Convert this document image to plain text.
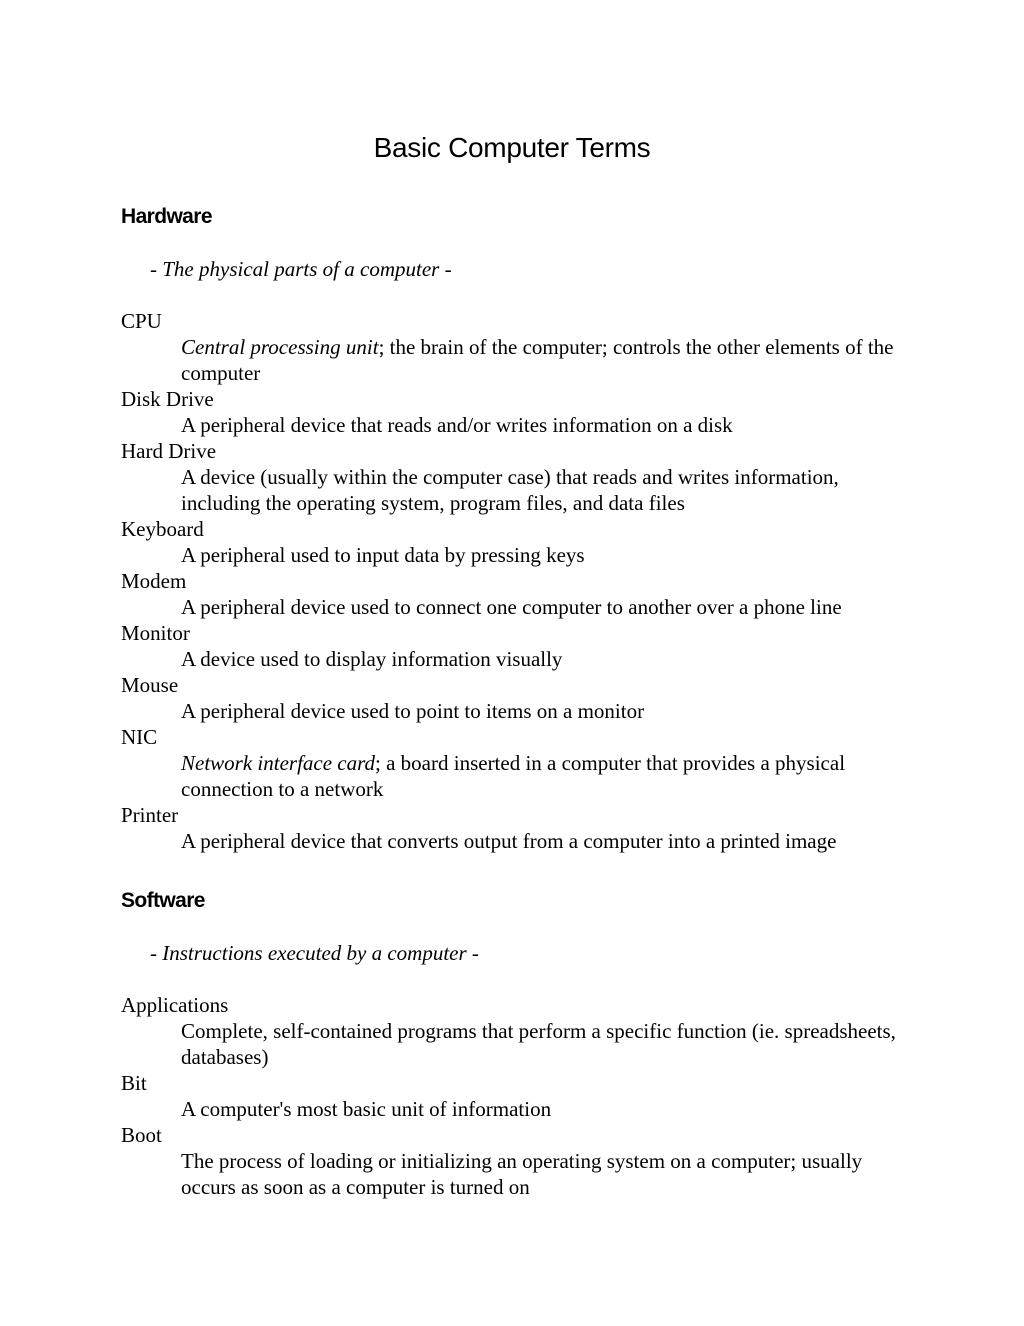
Basic Computer Terms
Hardware

- The physical parts of a computer -

CPU
Central processing unit; the brain of the computer; controls the other elements of the computer
Disk Drive
A peripheral device that reads and/or writes information on a disk
Hard Drive
A device (usually within the computer case) that reads and writes information, including the operating system, program files, and data files
Keyboard
A peripheral used to input data by pressing keys
Modem
A peripheral device used to connect one computer to another over a phone line
Monitor
A device used to display information visually
Mouse
A peripheral device used to point to items on a monitor
NIC
Network interface card; a board inserted in a computer that provides a physical connection to a network
Printer
A peripheral device that converts output from a computer into a printed image
Software

- Instructions executed by a computer -

Applications
Complete, self-contained programs that perform a specific function (ie. spreadsheets, databases)
Bit
A computer's most basic unit of information
Boot
The process of loading or initializing an operating system on a computer; usually occurs as soon as a computer is turned on
